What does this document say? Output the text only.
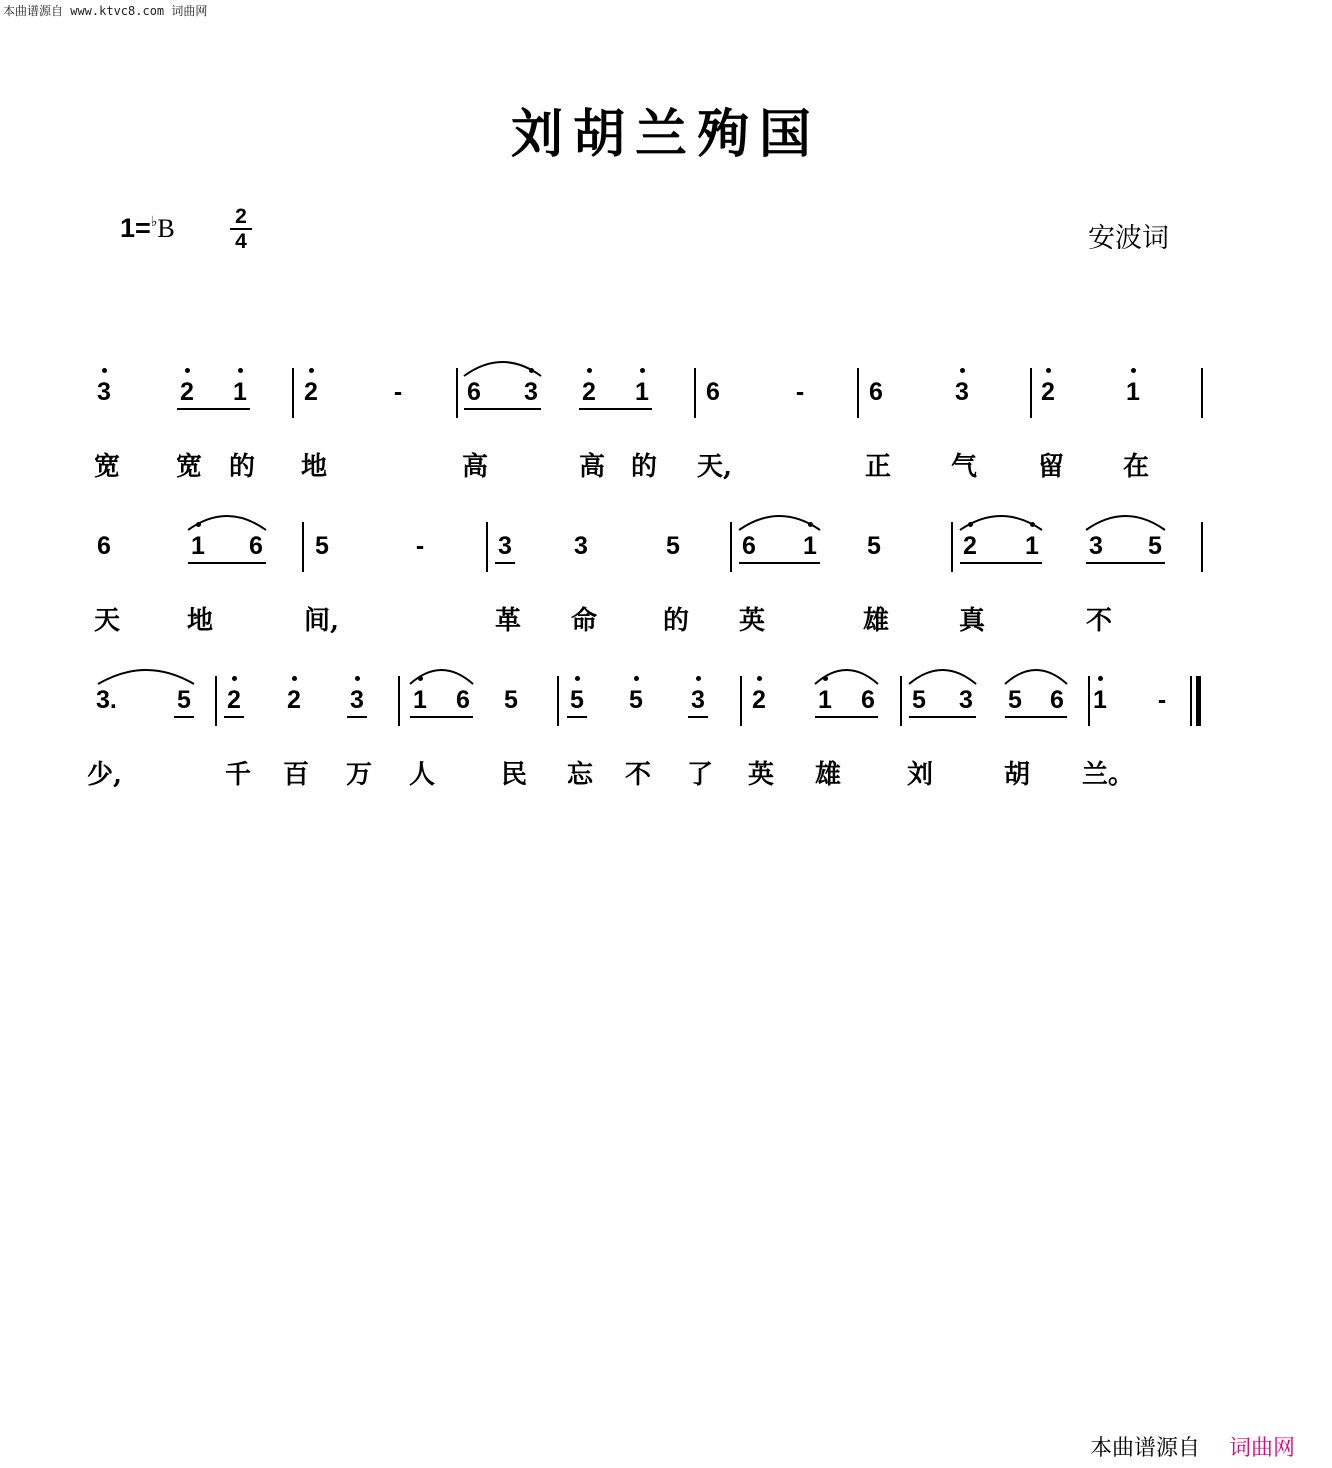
本曲谱源自 www.ktvc8.com 词曲网
刘胡兰殉国
1=♭B	2
4	安波词
3	2 1 2	-	6 3 2 1 6	-	6	3	2	1
宽 宽 的 地	高	高 的 天,	正 气 留 在
6	1 6 5	-	3 3	5 6 1 5	2 1 3 5
天	地	间,	革 命	的 英	雄	真	不
3.	5 2 2 3 1 6 5 5 5 3 2 1 6 5 3 5 6 1 -
少,	千 百 万 人	民 忘 不 了 英 雄	刘	胡 兰。
本曲谱源自 词曲网
